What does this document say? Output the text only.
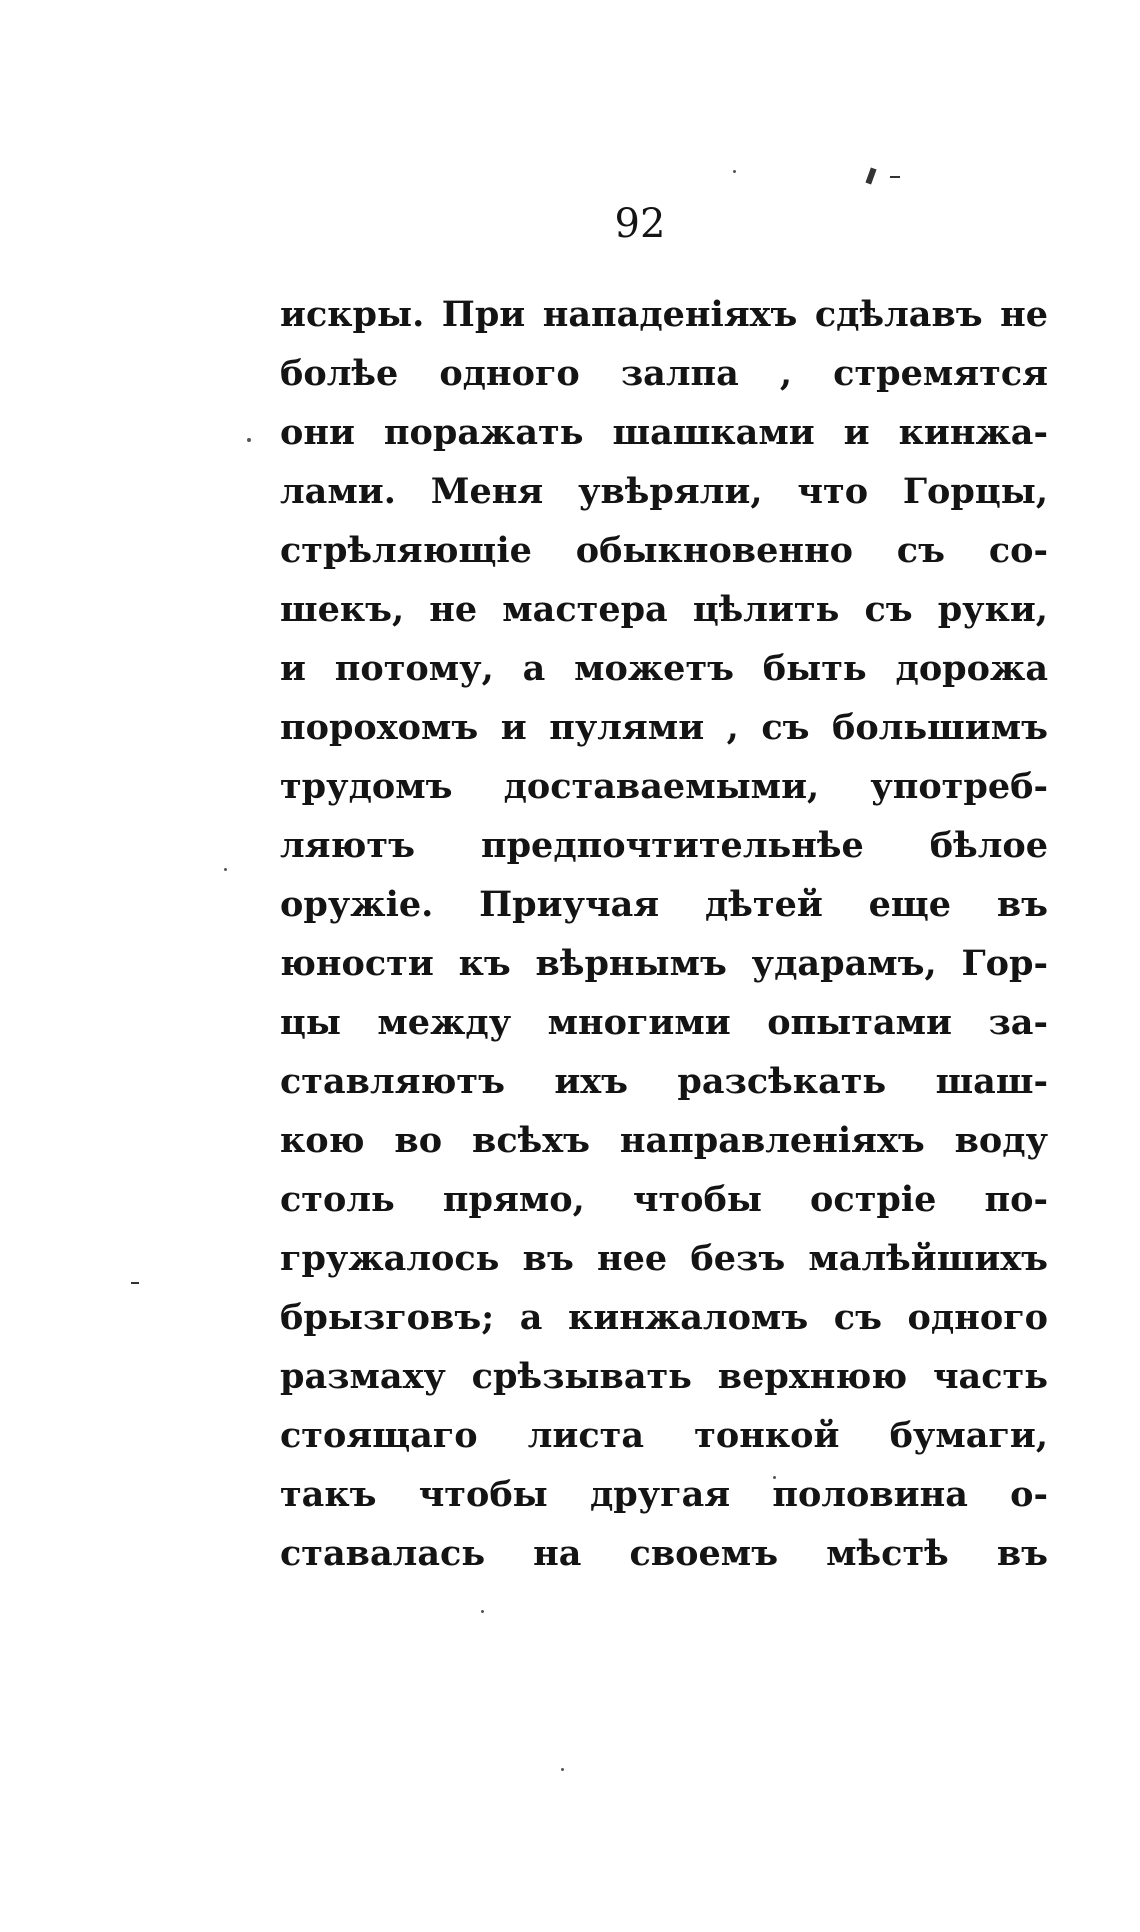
92
искры. При нападеніяхъ сдѣлавъ не
болѣе одного залпа , стремятся
они поражать шашками и кинжа-
лами. Меня увѣряли, что Горцы,
стрѣляющіе обыкновенно съ со-
шекъ, не мастера цѣлить съ руки,
и потому, а можетъ быть дорожа
порохомъ и пулями , съ большимъ
трудомъ доставаемыми, употреб-
ляютъ предпочтительнѣе бѣлое
оружіе. Приучая дѣтей еще въ
юности къ вѣрнымъ ударамъ, Гор-
цы между многими опытами за-
ставляютъ ихъ разсѣкать шаш-
кою во всѣхъ направленіяхъ воду
столь прямо, чтобы остріе по-
гружалось въ нее безъ малѣйшихъ
брызговъ; а кинжаломъ съ одного
размаху срѣзывать верхнюю часть
стоящаго листа тонкой бумаги,
такъ чтобы другая половина о-
ставалась на своемъ мѣстѣ въ
